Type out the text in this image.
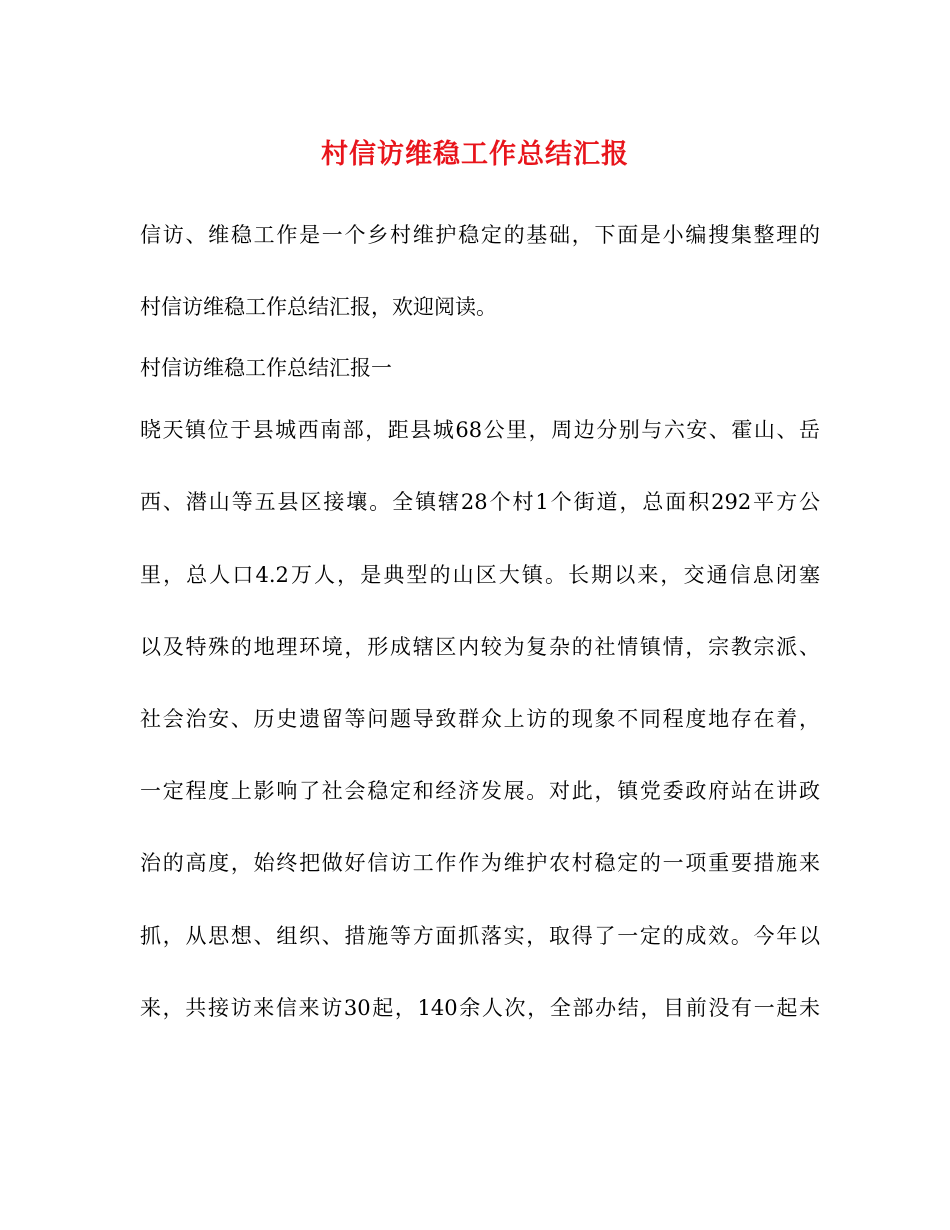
村信访维稳工作总结汇报

信访、维稳工作是一个乡村维护稳定的基础，下面是小编搜集整理的

村信访维稳工作总结汇报，欢迎阅读。

村信访维稳工作总结汇报一

晓天镇位于县城西南部，距县城68公里，周边分别与六安、霍山、岳

西、潜山等五县区接壤。全镇辖28个村1个街道，总面积292平方公

里，总人口4.2万人，是典型的山区大镇。长期以来，交通信息闭塞

以及特殊的地理环境，形成辖区内较为复杂的社情镇情，宗教宗派、

社会治安、历史遗留等问题导致群众上访的现象不同程度地存在着，

一定程度上影响了社会稳定和经济发展。对此，镇党委政府站在讲政

治的高度，始终把做好信访工作作为维护农村稳定的一项重要措施来

抓，从思想、组织、措施等方面抓落实，取得了一定的成效。今年以

来，共接访来信来访30起，140余人次，全部办结，目前没有一起未
